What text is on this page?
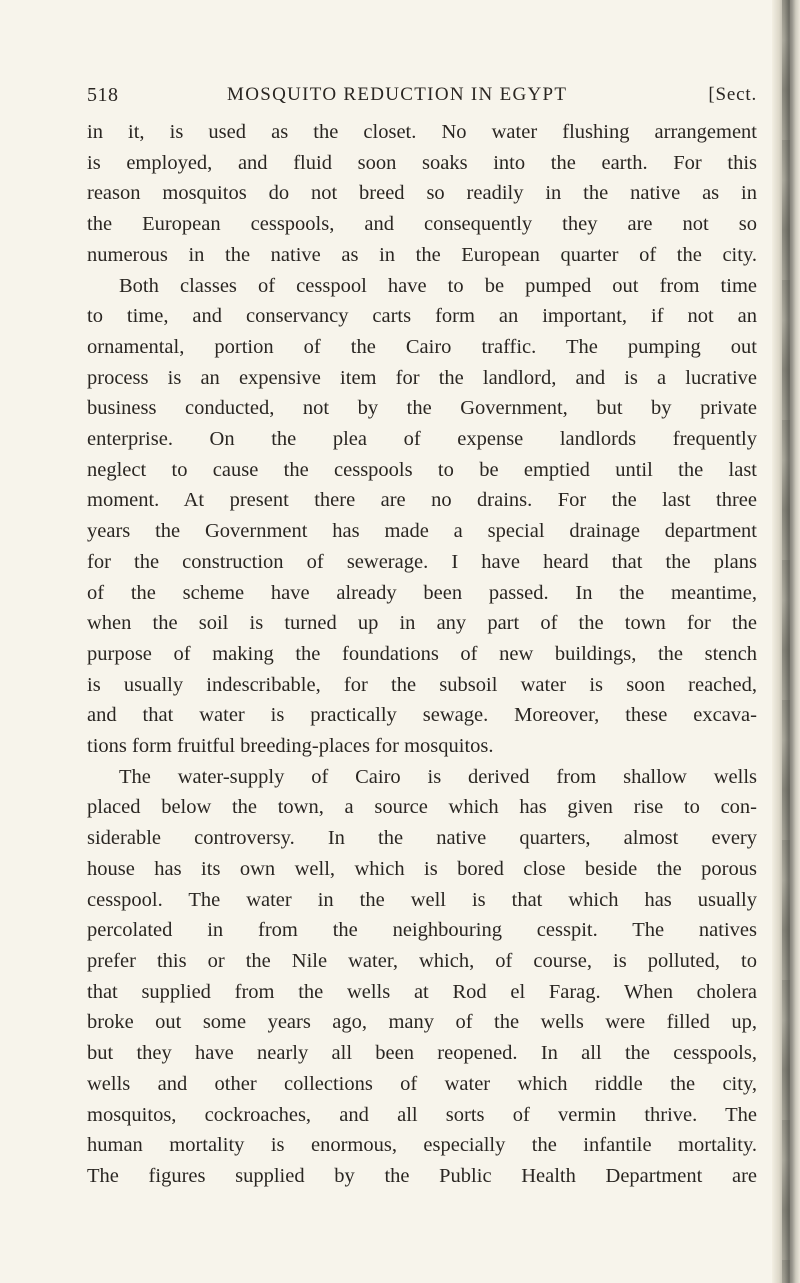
518	MOSQUITO REDUCTION IN EGYPT	[Sect.
in it, is used as the closet. No water flushing arrangement
is employed, and fluid soon soaks into the earth. For this
reason mosquitos do not breed so readily in the native as in
the European cesspools, and consequently they are not so
numerous in the native as in the European quarter of the city.
Both classes of cesspool have to be pumped out from time
to time, and conservancy carts form an important, if not an
ornamental, portion of the Cairo traffic. The pumping out
process is an expensive item for the landlord, and is a lucrative
business conducted, not by the Government, but by private
enterprise. On the plea of expense landlords frequently
neglect to cause the cesspools to be emptied until the last
moment. At present there are no drains. For the last three
years the Government has made a special drainage department
for the construction of sewerage. I have heard that the plans
of the scheme have already been passed. In the meantime,
when the soil is turned up in any part of the town for the
purpose of making the foundations of new buildings, the stench
is usually indescribable, for the subsoil water is soon reached,
and that water is practically sewage. Moreover, these excava-
tions form fruitful breeding-places for mosquitos.
The water-supply of Cairo is derived from shallow wells
placed below the town, a source which has given rise to con-
siderable controversy. In the native quarters, almost every
house has its own well, which is bored close beside the porous
cesspool. The water in the well is that which has usually
percolated in from the neighbouring cesspit. The natives
prefer this or the Nile water, which, of course, is polluted, to
that supplied from the wells at Rod el Farag. When cholera
broke out some years ago, many of the wells were filled up,
but they have nearly all been reopened. In all the cesspools,
wells and other collections of water which riddle the city,
mosquitos, cockroaches, and all sorts of vermin thrive. The
human mortality is enormous, especially the infantile mortality.
The figures supplied by the Public Health Department are
